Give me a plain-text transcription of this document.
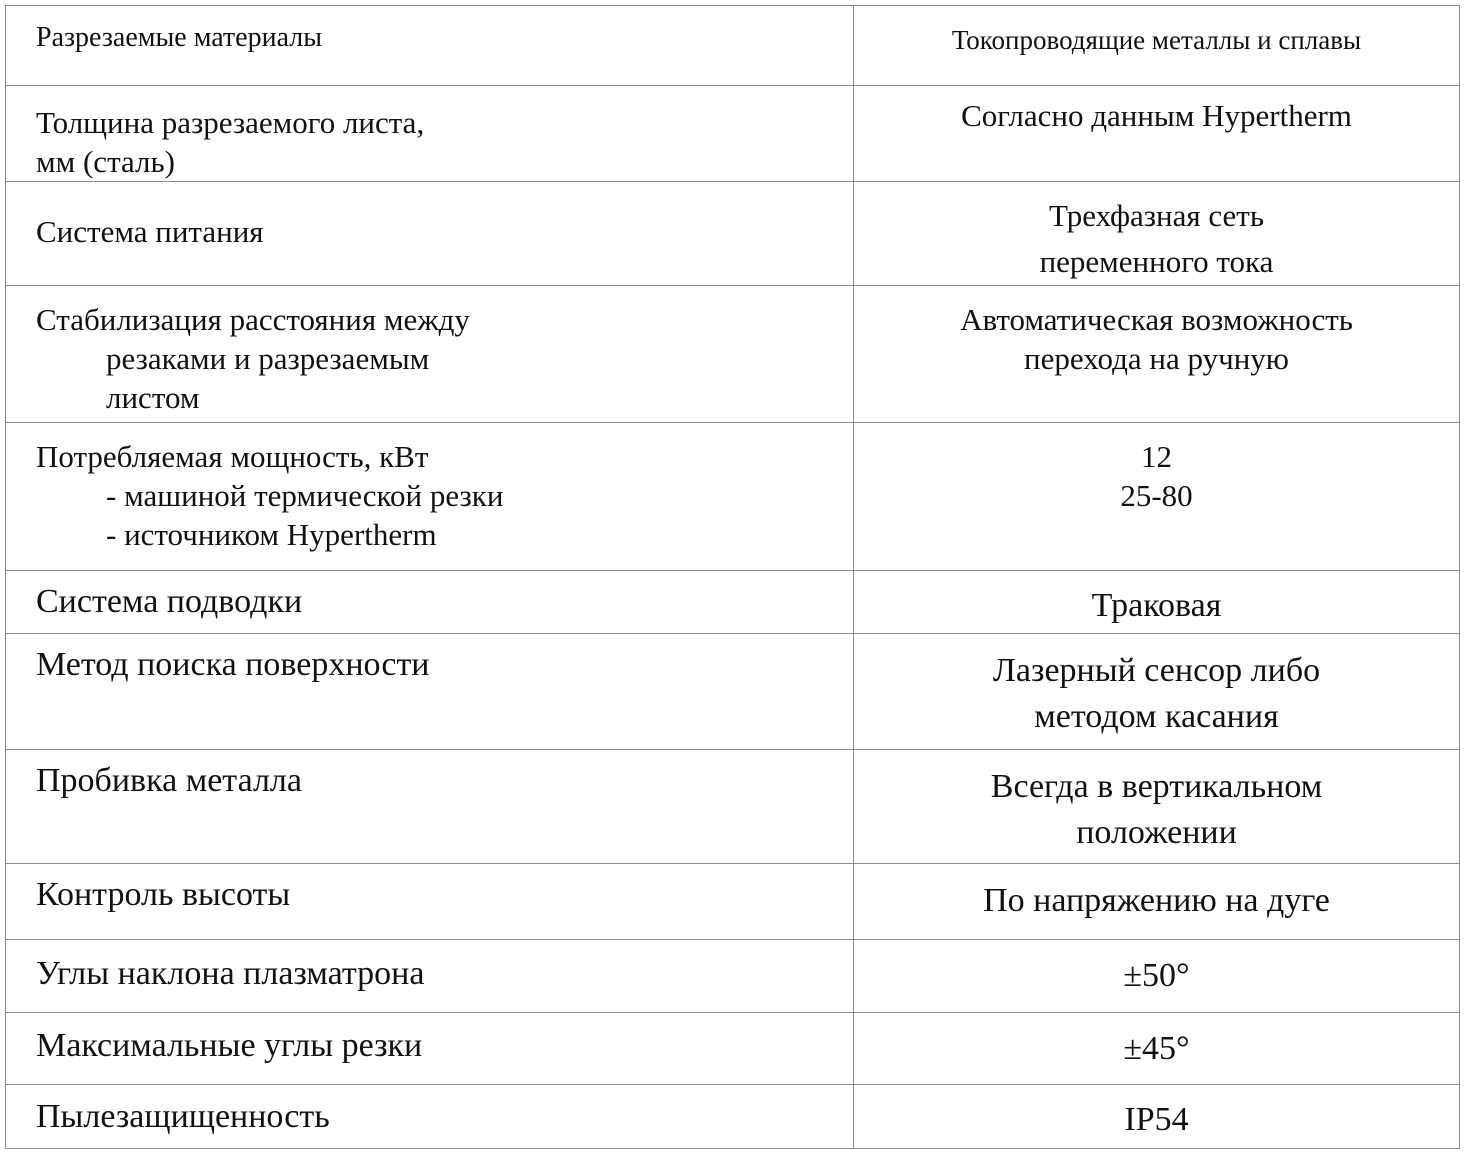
Разрезаемые материалы	Токопроводящие металлы и сплавы

Толщина разрезаемого листа,
мм (сталь)	Согласно данным Hypertherm

Система питания	Трехфазная сеть
переменного тока

Стабилизация расстояния между
резаками и разрезаемым
листом	Автоматическая возможность
перехода на ручную

Потребляемая мощность, кВт
- машиной термической резки
- источником Hypertherm	12
25-80

Система подводки	Траковая

Метод поиска поверхности	Лазерный сенсор либо
методом касания

Пробивка металла	Всегда в вертикальном
положении

Контроль высоты	По напряжению на дуге

Углы наклона плазматрона	±50°

Максимальные углы резки	±45°

Пылезащищенность	IP54
